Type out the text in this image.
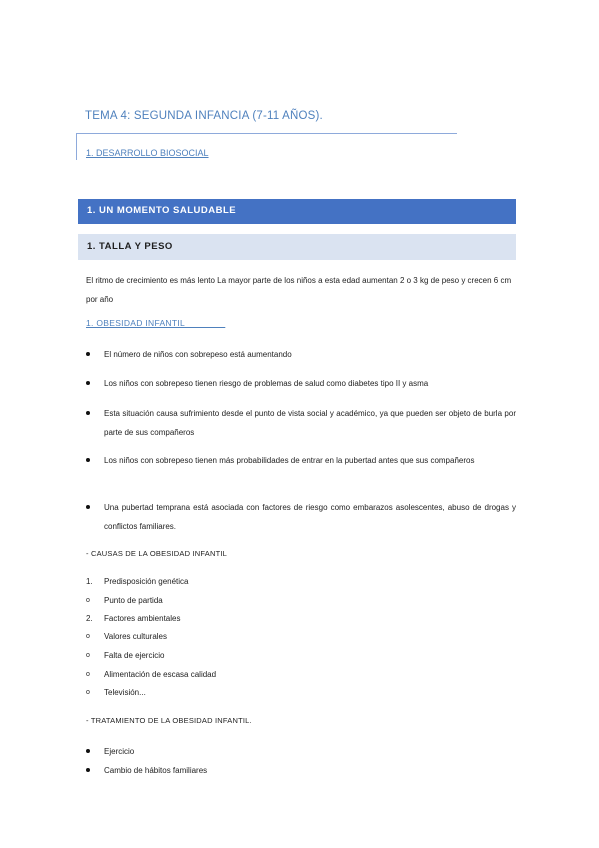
TEMA 4: SEGUNDA INFANCIA (7-11 AÑOS).
1. DESARROLLO BIOSOCIAL
1. UN MOMENTO SALUDABLE
1. TALLA Y PESO
El ritmo de crecimiento es más lento La mayor parte de los niños a esta edad aumentan 2 o 3 kg de peso y crecen 6 cm por año
1. OBESIDAD INFANTIL________
El número de niños con sobrepeso está aumentando
Los niños con sobrepeso tienen riesgo de problemas de salud como diabetes tipo II y asma
Esta situación causa sufrimiento desde el punto de vista social y académico, ya que pueden ser objeto de burla por parte de sus compañeros
Los niños con sobrepeso tienen más probabilidades de entrar en la pubertad antes que sus compañeros
Una pubertad temprana está asociada con factores de riesgo como embarazos asolescentes, abuso de drogas y conflictos familiares.
- CAUSAS DE LA OBESIDAD INFANTIL
1.	Predisposición genética
o	Punto de partida
2.	Factores ambientales
o	Valores culturales
o	Falta de ejercicio
o	Alimentación de escasa calidad
o	Televisión...
- TRATAMIENTO DE LA OBESIDAD INFANTIL.
Ejercicio
Cambio de hábitos familiares
